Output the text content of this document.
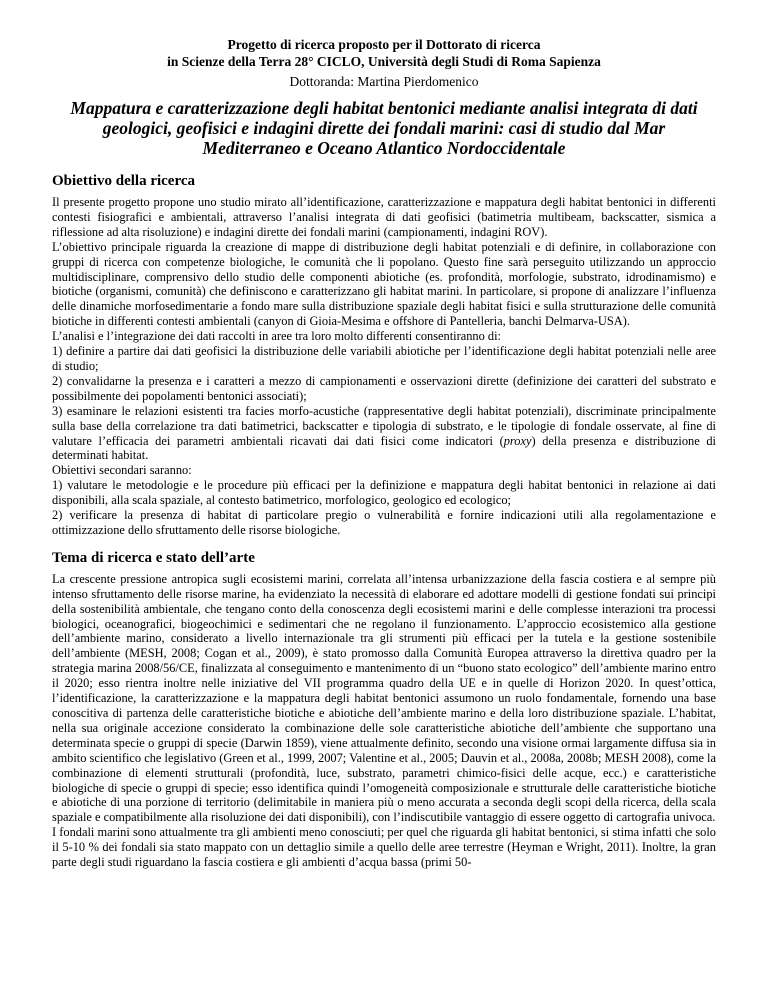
Progetto di ricerca proposto per il Dottorato di ricerca
in Scienze della Terra 28° CICLO, Università degli Studi di Roma Sapienza
Dottoranda: Martina Pierdomenico
Mappatura e caratterizzazione degli habitat bentonici mediante analisi integrata di dati geologici, geofisici e indagini dirette dei fondali marini: casi di studio dal Mar Mediterraneo e Oceano Atlantico Nordoccidentale
Obiettivo della ricerca

Il presente progetto propone uno studio mirato all’identificazione, caratterizzazione e mappatura degli habitat bentonici in differenti contesti fisiografici e ambientali, attraverso l’analisi integrata di dati geofisici (batimetria multibeam, backscatter, sismica a riflessione ad alta risoluzione) e indagini dirette dei fondali marini (campionamenti, indagini ROV).

L’obiettivo principale riguarda la creazione di mappe di distribuzione degli habitat potenziali e di definire, in collaborazione con gruppi di ricerca con competenze biologiche, le comunità che li popolano. Questo fine sarà perseguito utilizzando un approccio multidisciplinare, comprensivo dello studio delle componenti abiotiche (es. profondità, morfologie, substrato, idrodinamismo) e biotiche (organismi, comunità) che definiscono e caratterizzano gli habitat marini. In particolare, si propone di analizzare l’influenza delle dinamiche morfosedimentarie a fondo mare sulla distribuzione spaziale degli habitat fisici e sulla strutturazione delle comunità biotiche in differenti contesti ambientali (canyon di Gioia-Mesima e offshore di Pantelleria, banchi Delmarva-USA).

L’analisi e l’integrazione dei dati raccolti in aree tra loro molto differenti consentiranno di:

1) definire a partire dai dati geofisici la distribuzione delle variabili abiotiche per l’identificazione degli habitat potenziali nelle aree di studio;

2) convalidarne la presenza e i caratteri a mezzo di campionamenti e osservazioni dirette (definizione dei caratteri del substrato e possibilmente dei popolamenti bentonici associati);

3) esaminare le relazioni esistenti tra facies morfo-acustiche (rappresentative degli habitat potenziali), discriminate principalmente sulla base della correlazione tra dati batimetrici, backscatter e tipologia di substrato, e le tipologie di fondale osservate, al fine di valutare l’efficacia dei parametri ambientali ricavati dai dati fisici come indicatori (proxy) della presenza e distribuzione di determinati habitat.

Obiettivi secondari saranno:

1) valutare le metodologie e le procedure più efficaci per la definizione e mappatura degli habitat bentonici in relazione ai dati disponibili, alla scala spaziale, al contesto batimetrico, morfologico, geologico ed ecologico;

2) verificare la presenza di habitat di particolare pregio o vulnerabilità e fornire indicazioni utili alla regolamentazione e ottimizzazione dello sfruttamento delle risorse biologiche.

Tema di ricerca e stato dell’arte

La crescente pressione antropica sugli ecosistemi marini, correlata all’intensa urbanizzazione della fascia costiera e al sempre più intenso sfruttamento delle risorse marine, ha evidenziato la necessità di elaborare ed adottare modelli di gestione fondati sui principi della sostenibilità ambientale, che tengano conto della conoscenza degli ecosistemi marini e delle complesse interazioni tra processi biologici, oceanografici, biogeochimici e sedimentari che ne regolano il funzionamento. L’approccio ecosistemico alla gestione dell’ambiente marino, considerato a livello internazionale tra gli strumenti più efficaci per la tutela e la gestione sostenibile dell’ambiente (MESH, 2008; Cogan et al., 2009), è stato promosso dalla Comunità Europea attraverso la direttiva quadro per la strategia marina 2008/56/CE, finalizzata al conseguimento e mantenimento di un “buono stato ecologico” dell’ambiente marino entro il 2020; esso rientra inoltre nelle iniziative del VII programma quadro della UE e in quelle di Horizon 2020. In quest’ottica, l’identificazione, la caratterizzazione e la mappatura degli habitat bentonici assumono un ruolo fondamentale, fornendo una base conoscitiva di partenza delle caratteristiche biotiche e abiotiche dell’ambiente marino e della loro distribuzione spaziale. L’habitat, nella sua originale accezione considerato la combinazione delle sole caratteristiche abiotiche dell’ambiente che supportano una determinata specie o gruppi di specie (Darwin 1859), viene attualmente definito, secondo una visione ormai largamente diffusa sia in ambito scientifico che legislativo (Green et al., 1999, 2007; Valentine et al., 2005; Dauvin et al., 2008a, 2008b; MESH 2008), come la combinazione di elementi strutturali (profondità, luce, substrato, parametri chimico-fisici delle acque, ecc.) e caratteristiche biologiche di specie o gruppi di specie; esso identifica quindi l’omogeneità composizionale e strutturale delle caratteristiche biotiche e abiotiche di una porzione di territorio (delimitabile in maniera più o meno accurata a seconda degli scopi della ricerca, della scala spaziale e compatibilmente alla risoluzione dei dati disponibili), con l’indiscutibile vantaggio di essere oggetto di cartografia univoca.

I fondali marini sono attualmente tra gli ambienti meno conosciuti; per quel che riguarda gli habitat bentonici, si stima infatti che solo il 5-10 % dei fondali sia stato mappato con un dettaglio simile a quello delle aree terrestre (Heyman e Wright, 2011). Inoltre, la gran parte degli studi riguardano la fascia costiera e gli ambienti d’acqua bassa (primi 50-
